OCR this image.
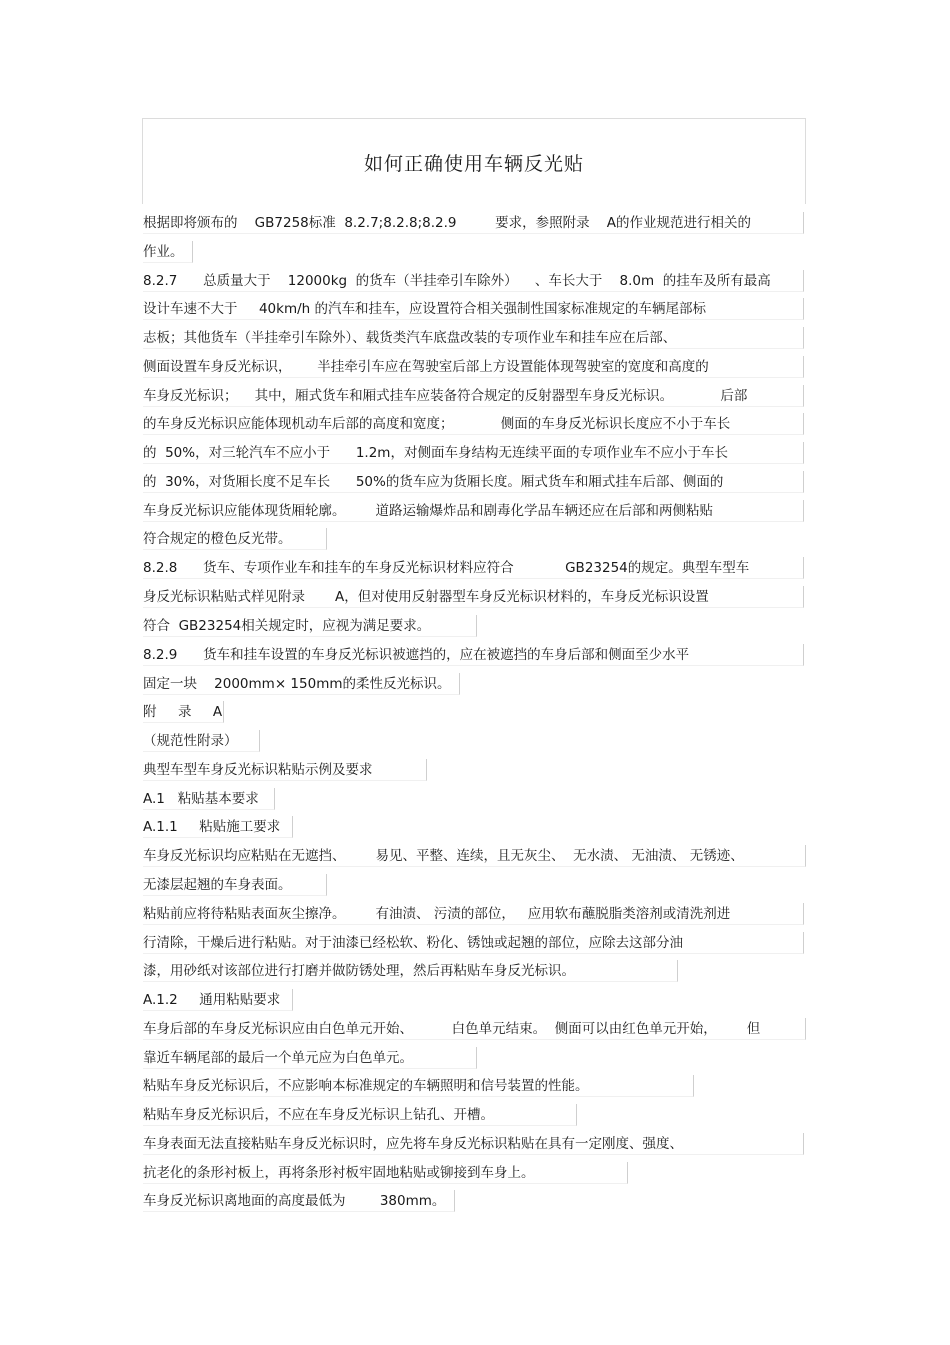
如何正确使用车辆反光贴
根据即将颁布的    GB7258标准  8.2.7;8.2.8;8.2.9         要求，参照附录    A的作业规范进行相关的
作业。
8.2.7      总质量大于    12000kg  的货车（半挂牵引车除外）    、车长大于    8.0m  的挂车及所有最高
设计车速不大于     40km/h 的汽车和挂车，应设置符合相关强制性国家标准规定的车辆尾部标
志板；其他货车（半挂牵引车除外）、载货类汽车底盘改装的专项作业车和挂车应在后部、
侧面设置车身反光标识，      半挂牵引车应在驾驶室后部上方设置能体现驾驶室的宽度和高度的
车身反光标识；    其中，厢式货车和厢式挂车应装备符合规定的反射器型车身反光标识。           后部
的车身反光标识应能体现机动车后部的高度和宽度；           侧面的车身反光标识长度应不小于车长
的  50%，对三轮汽车不应小于      1.2m，对侧面车身结构无连续平面的专项作业车不应小于车长
的  30%，对货厢长度不足车长      50%的货车应为货厢长度。厢式货车和厢式挂车后部、侧面的
车身反光标识应能体现货厢轮廓。       道路运输爆炸品和剧毒化学品车辆还应在后部和两侧粘贴
符合规定的橙色反光带。
8.2.8      货车、专项作业车和挂车的车身反光标识材料应符合            GB23254的规定。典型车型车
身反光标识粘贴式样见附录       A，但对使用反射器型车身反光标识材料的，车身反光标识设置
符合  GB23254相关规定时，应视为满足要求。
8.2.9      货车和挂车设置的车身反光标识被遮挡的，应在被遮挡的车身后部和侧面至少水平
固定一块    2000mm× 150mm的柔性反光标识。
附     录     A
（规范性附录）
典型车型车身反光标识粘贴示例及要求
A.1   粘贴基本要求
A.1.1     粘贴施工要求
车身反光标识均应粘贴在无遮挡、       易见、平整、连续，且无灰尘、  无水渍、 无油渍、 无锈迹、
无漆层起翘的车身表面。
粘贴前应将待粘贴表面灰尘擦净。       有油渍、 污渍的部位，   应用软布蘸脱脂类溶剂或清洗剂进
行清除，干燥后进行粘贴。对于油漆已经松软、粉化、锈蚀或起翘的部位，应除去这部分油
漆，用砂纸对该部位进行打磨并做防锈处理，然后再粘贴车身反光标识。
A.1.2     通用粘贴要求
车身后部的车身反光标识应由白色单元开始、         白色单元结束。  侧面可以由红色单元开始，       但
靠近车辆尾部的最后一个单元应为白色单元。
粘贴车身反光标识后，不应影响本标准规定的车辆照明和信号装置的性能。
粘贴车身反光标识后，不应在车身反光标识上钻孔、开槽。
车身表面无法直接粘贴车身反光标识时，应先将车身反光标识粘贴在具有一定刚度、强度、
抗老化的条形衬板上，再将条形衬板牢固地粘贴或铆接到车身上。
车身反光标识离地面的高度最低为        380mm。
